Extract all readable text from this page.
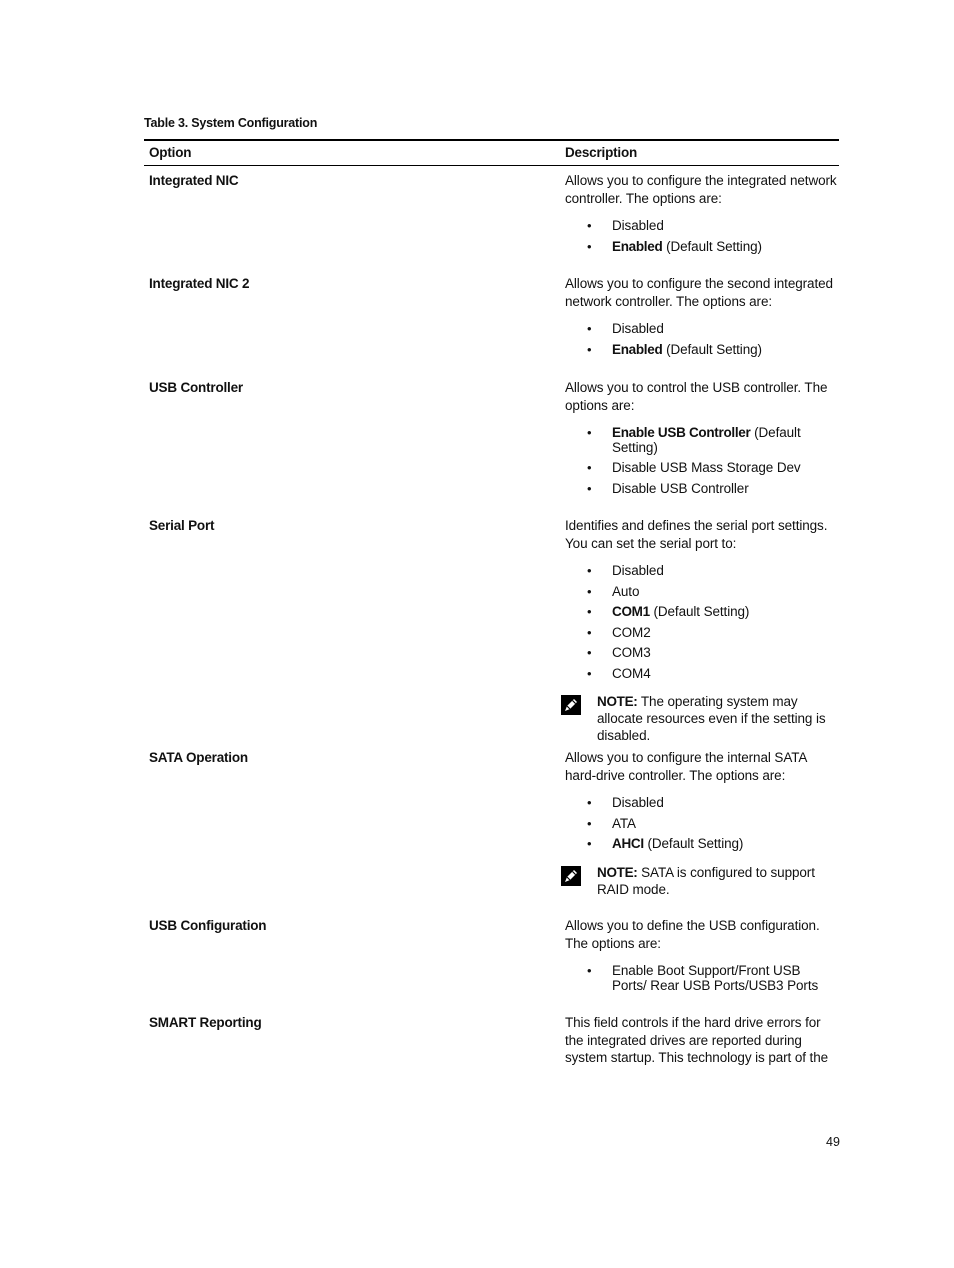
Table 3. System Configuration
Option	Description
Integrated NIC	Allows you to configure the integrated network controller. The options are:

• Disabled
• Enabled (Default Setting)
Integrated NIC 2	Allows you to configure the second integrated network controller. The options are:

• Disabled
• Enabled (Default Setting)
USB Controller	Allows you to control the USB controller. The options are:

• Enable USB Controller (Default Setting)
• Disable USB Mass Storage Dev
• Disable USB Controller
Serial Port	Identifies and defines the serial port settings. You can set the serial port to:

• Disabled
• Auto
• COM1 (Default Setting)
• COM2
• COM3
• COM4
NOTE: The operating system may allocate resources even if the setting is disabled.
SATA Operation	Allows you to configure the internal SATA hard-drive controller. The options are:

• Disabled
• ATA
• AHCI (Default Setting)
NOTE: SATA is configured to support RAID mode.
USB Configuration	Allows you to define the USB configuration. The options are:

• Enable Boot Support/Front USB Ports/ Rear USB Ports/USB3 Ports
SMART Reporting	This field controls if the hard drive errors for the integrated drives are reported during system startup. This technology is part of the

49
